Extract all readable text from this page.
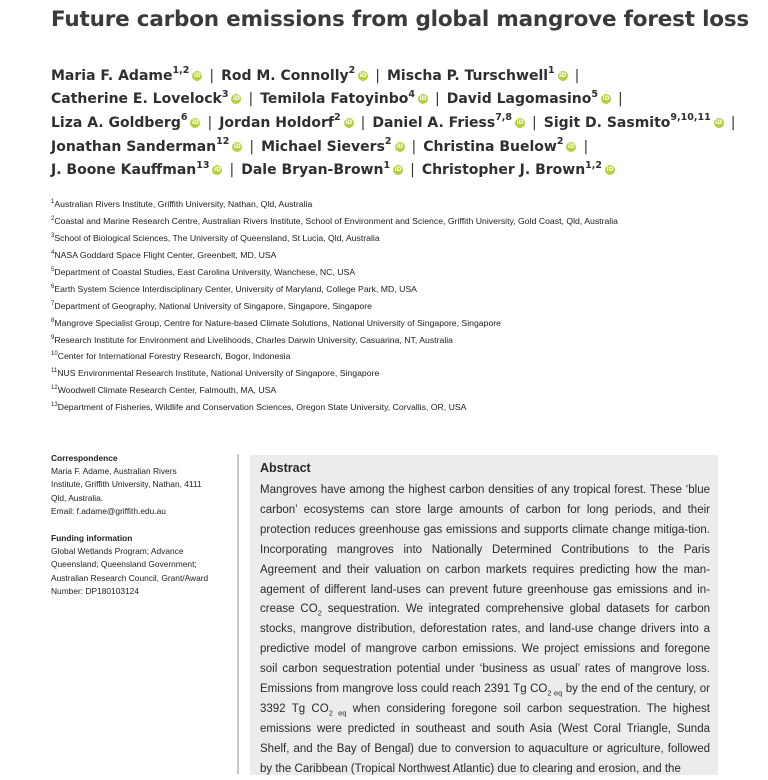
Future carbon emissions from global mangrove forest loss
Maria F. Adame$^{1,2}$ iD | Rod M. Connolly$^2$ iD | Mischa P. Turschwell$^1$ iD |
Catherine E. Lovelock$^3$ iD | Temilola Fatoyinbo$^4$ iD | David Lagomasino$^5$ iD |
Liza A. Goldberg$^6$ iD | Jordan Holdorf$^2$ iD | Daniel A. Friess$^{7,8}$ iD | Sigit D. Sasmito$^{9,10,11}$ iD |
Jonathan Sanderman$^{12}$ iD | Michael Sievers$^2$ iD | Christina Buelow$^2$ iD |
J. Boone Kauffman$^{13}$ iD | Dale Bryan-Brown$^1$ iD | Christopher J. Brown$^{1,2}$ iD
$^1$Australian Rivers Institute, Griffith University, Nathan, Qld, Australia
$^2$Coastal and Marine Research Centre, Australian Rivers Institute, School of Environment and Science, Griffith University, Gold Coast, Qld, Australia
$^3$School of Biological Sciences, The University of Queensland, St Lucia, Qld, Australia
$^4$NASA Goddard Space Flight Center, Greenbelt, MD, USA
$^5$Department of Coastal Studies, East Carolina University, Wanchese, NC, USA
$^6$Earth System Science Interdisciplinary Center, University of Maryland, College Park, MD, USA
$^7$Department of Geography, National University of Singapore, Singapore, Singapore
$^8$Mangrove Specialist Group, Centre for Nature-based Climate Solutions, National University of Singapore, Singapore
$^9$Research Institute for Environment and Livelihoods, Charles Darwin University, Casuarina, NT, Australia
$^{10}$Center for International Forestry Research, Bogor, Indonesia
$^{11}$NUS Environmental Research Institute, National University of Singapore, Singapore
$^{12}$Woodwell Climate Research Center, Falmouth, MA, USA
$^{13}$Department of Fisheries, Wildlife and Conservation Sciences, Oregon State University, Corvallis, OR, USA
Correspondence

Maria F. Adame, Australian Rivers

Institute, Griffith University, Nathan, 4111

Qld, Australia.

Email: f.adame@griffith.edu.au

Funding information

Global Wetlands Program; Advance

Queensland; Queensland Government;

Australian Research Council, Grant/Award

Number: DP180103124

Abstract
Mangroves have among the highest carbon densities of any tropical forest. These ‘blue carbon’ ecosystems can store large amounts of carbon for long periods, and their protection reduces greenhouse gas emissions and supports climate change mitiga-tion. Incorporating mangroves into Nationally Determined Contributions to the Paris Agreement and their valuation on carbon markets requires predicting how the man-agement of different land-uses can prevent future greenhouse gas emissions and in-crease $CO_2$ sequestration. We integrated comprehensive global datasets for carbon stocks, mangrove distribution, deforestation rates, and land-use change drivers into a predictive model of mangrove carbon emissions. We project emissions and foregone soil carbon sequestration potential under ‘business as usual’ rates of mangrove loss. Emissions from mangrove loss could reach 2391 Tg $CO_{2 eq}$ by the end of the century, or 3392 Tg $CO_{2 eq}$ when considering foregone soil carbon sequestration. The highest emissions were predicted in southeast and south Asia (West Coral Triangle, Sunda Shelf, and the Bay of Bengal) due to conversion to aquaculture or agriculture, followed by the Caribbean (Tropical Northwest Atlantic) due to clearing and erosion, and the
